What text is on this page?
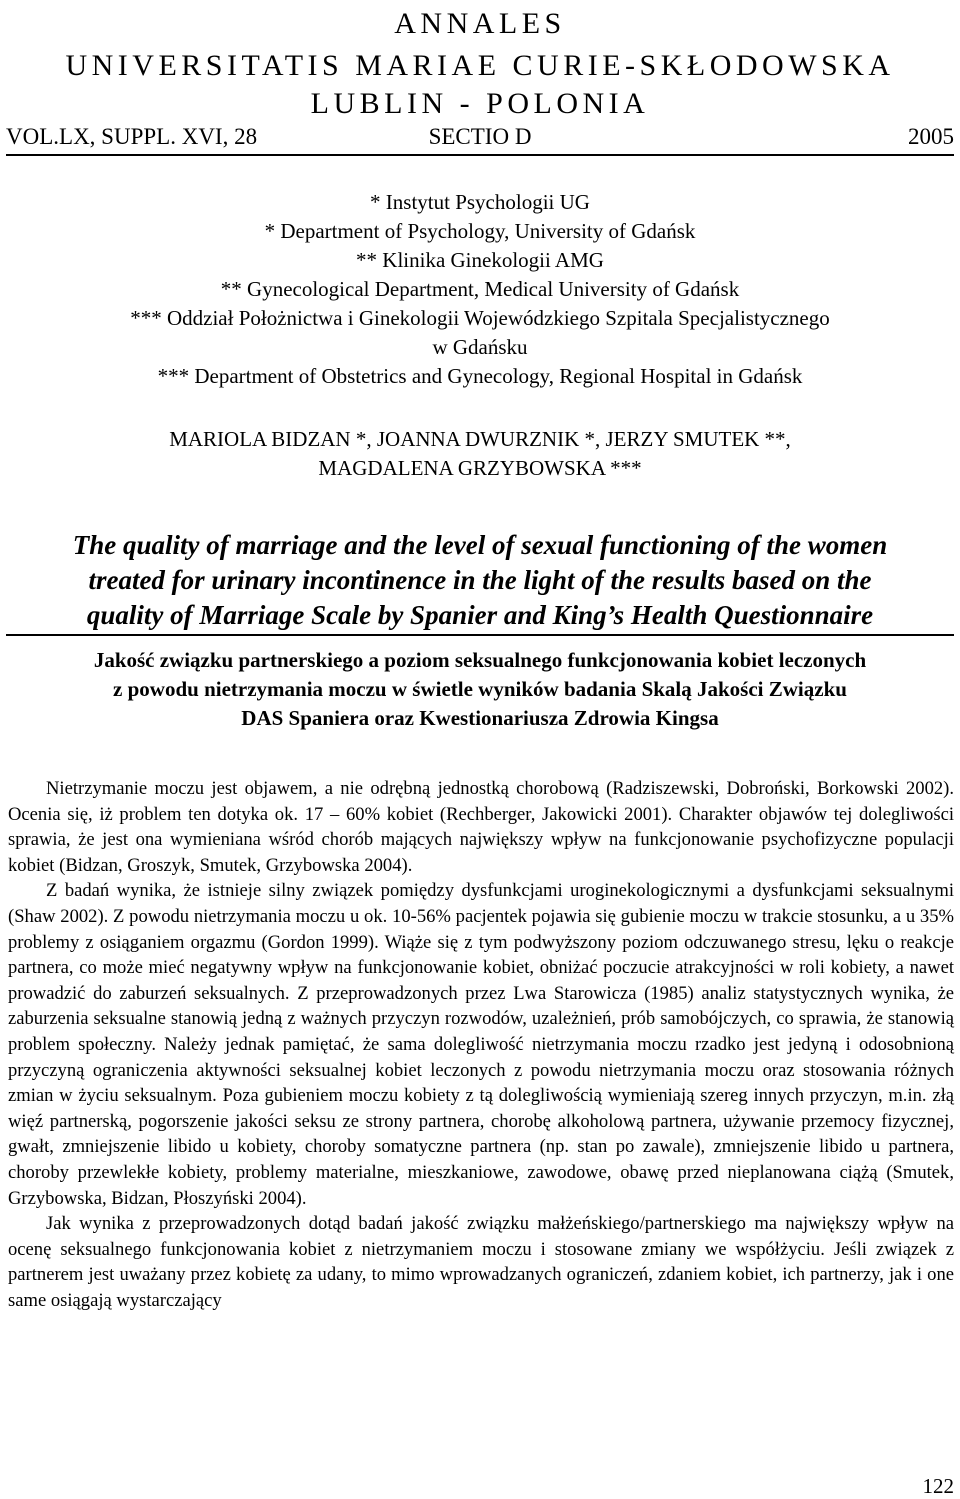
ANNALES
UNIVERSITATIS MARIAE CURIE-SKŁODOWSKA
LUBLIN - POLONIA
SECTIO D
VOL.LX, SUPPL. XVI, 28	2005
* Instytut Psychologii UG
* Department of Psychology, University of Gdańsk
** Klinika Ginekologii AMG
** Gynecological Department, Medical University of Gdańsk
*** Oddział Położnictwa i Ginekologii Wojewódzkiego Szpitala Specjalistycznego
w Gdańsku
*** Department of Obstetrics and Gynecology, Regional Hospital in Gdańsk
MARIOLA BIDZAN *, JOANNA DWURZNIK *, JERZY SMUTEK **,
MAGDALENA GRZYBOWSKA ***
The quality of marriage and the level of sexual functioning of the women
treated for urinary incontinence in the light of the results based on the
quality of Marriage Scale by Spanier and King’s Health Questionnaire
Jakość związku partnerskiego a poziom seksualnego funkcjonowania kobiet leczonych
z powodu nietrzymania moczu w świetle wyników badania Skalą Jakości Związku
DAS Spaniera oraz Kwestionariusza Zdrowia Kingsa

Nietrzymanie moczu jest objawem, a nie odrębną jednostką chorobową (Radziszewski, Dobroński, Borkowski 2002). Ocenia się, iż problem ten dotyka ok. 17 – 60% kobiet (Rechberger, Jakowicki 2001). Charakter objawów tej dolegliwości sprawia, że jest ona wymieniana wśród chorób mających największy wpływ na funkcjonowanie psychofizyczne populacji kobiet (Bidzan, Groszyk, Smutek, Grzybowska 2004).

Z badań wynika, że istnieje silny związek pomiędzy dysfunkcjami uroginekologicznymi a dysfunkcjami seksualnymi (Shaw 2002). Z powodu nietrzymania moczu u ok. 10-56% pacjentek pojawia się gubienie moczu w trakcie stosunku, a u 35% problemy z osiąganiem orgazmu (Gordon 1999). Wiąże się z tym podwyższony poziom odczuwanego stresu, lęku o reakcje partnera, co może mieć negatywny wpływ na funkcjonowanie kobiet, obniżać poczucie atrakcyjności w roli kobiety, a nawet prowadzić do zaburzeń seksualnych. Z przeprowadzonych przez Lwa Starowicza (1985) analiz statystycznych wynika, że zaburzenia seksualne stanowią jedną z ważnych przyczyn rozwodów, uzależnień, prób samobójczych, co sprawia, że stanowią problem społeczny. Należy jednak pamiętać, że sama dolegliwość nietrzymania moczu rzadko jest jedyną i odosobnioną przyczyną ograniczenia aktywności seksualnej kobiet leczonych z powodu nietrzymania moczu oraz stosowania różnych zmian w życiu seksualnym. Poza gubieniem moczu kobiety z tą dolegliwością wymieniają szereg innych przyczyn, m.in. złą więź partnerską, pogorszenie jakości seksu ze strony partnera, chorobę alkoholową partnera, używanie przemocy fizycznej, gwałt, zmniejszenie libido u kobiety, choroby somatyczne partnera (np. stan po zawale), zmniejszenie libido u partnera, choroby przewlekłe kobiety, problemy materialne, mieszkaniowe, zawodowe, obawę przed nieplanowana ciążą (Smutek, Grzybowska, Bidzan, Płoszyński 2004).

Jak wynika z przeprowadzonych dotąd badań jakość związku małżeńskiego/partnerskiego ma największy wpływ na ocenę seksualnego funkcjonowania kobiet z nietrzymaniem moczu i stosowane zmiany we współżyciu. Jeśli związek z partnerem jest uważany przez kobietę za udany, to mimo wprowadzanych ograniczeń, zdaniem kobiet, ich partnerzy, jak i one same osiągają wystarczający

122
